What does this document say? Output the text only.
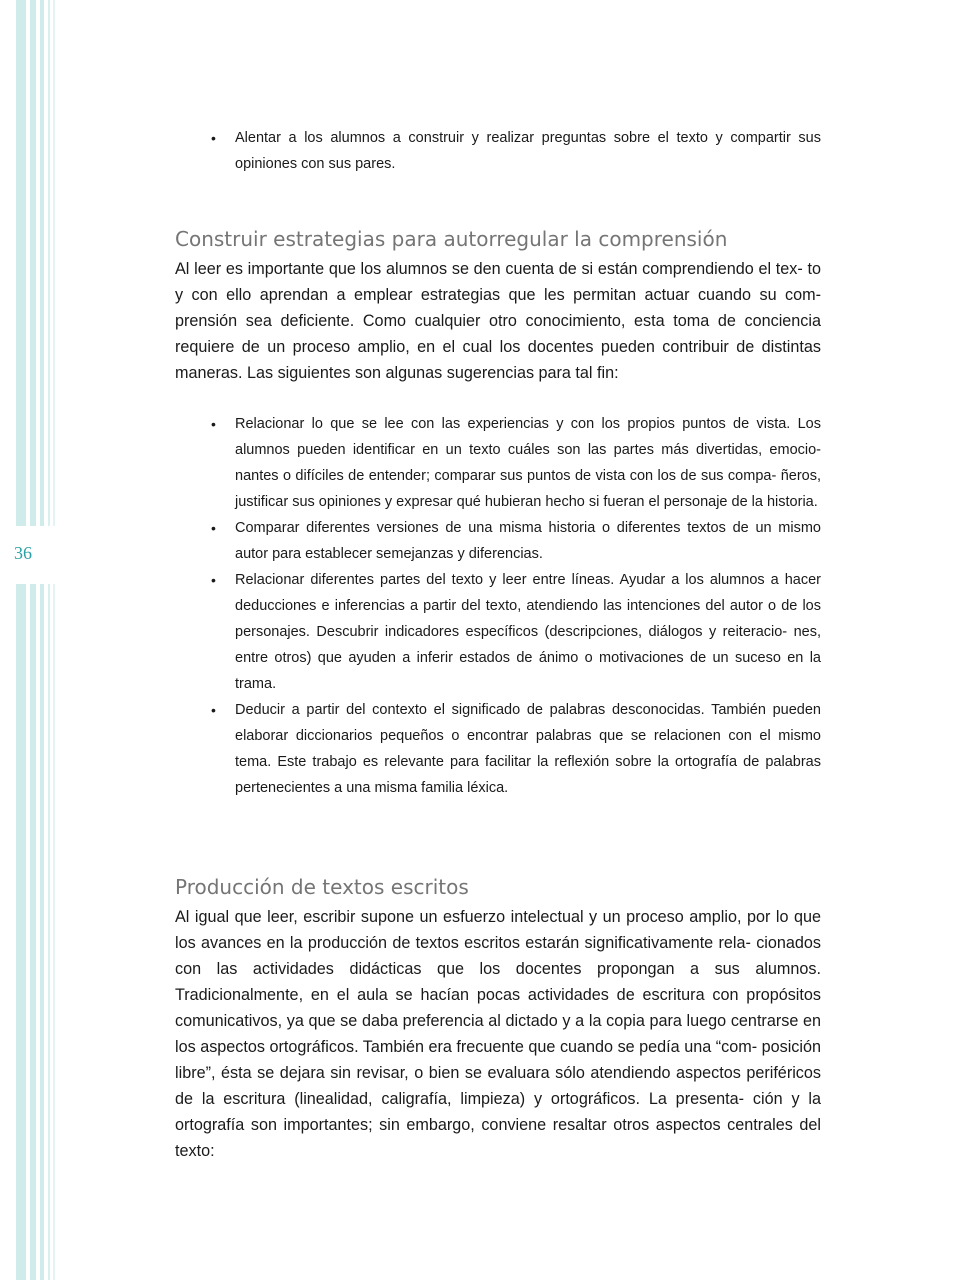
36
• Alentar a los alumnos a construir y realizar preguntas sobre el texto y compartir sus opiniones con sus pares.
Construir estrategias para autorregular la comprensión

Al leer es importante que los alumnos se den cuenta de si están comprendiendo el tex- to y con ello aprendan a emplear estrategias que les permitan actuar cuando su com- prensión sea deficiente. Como cualquier otro conocimiento, esta toma de conciencia requiere de un proceso amplio, en el cual los docentes pueden contribuir de distintas maneras. Las siguientes son algunas sugerencias para tal fin:

• Relacionar lo que se lee con las experiencias y con los propios puntos de vista. Los alumnos pueden identificar en un texto cuáles son las partes más divertidas, emocio- nantes o difíciles de entender; comparar sus puntos de vista con los de sus compa- ñeros, justificar sus opiniones y expresar qué hubieran hecho si fueran el personaje de la historia.
• Comparar diferentes versiones de una misma historia o diferentes textos de un mismo autor para establecer semejanzas y diferencias.
• Relacionar diferentes partes del texto y leer entre líneas. Ayudar a los alumnos a hacer deducciones e inferencias a partir del texto, atendiendo las intenciones del autor o de los personajes. Descubrir indicadores específicos (descripciones, diálogos y reiteracio- nes, entre otros) que ayuden a inferir estados de ánimo o motivaciones de un suceso en la trama.
• Deducir a partir del contexto el significado de palabras desconocidas. También pueden elaborar diccionarios pequeños o encontrar palabras que se relacionen con el mismo tema. Este trabajo es relevante para facilitar la reflexión sobre la ortografía de palabras pertenecientes a una misma familia léxica.
Producción de textos escritos

Al igual que leer, escribir supone un esfuerzo intelectual y un proceso amplio, por lo que los avances en la producción de textos escritos estarán significativamente rela- cionados con las actividades didácticas que los docentes propongan a sus alumnos. Tradicionalmente, en el aula se hacían pocas actividades de escritura con propósitos comunicativos, ya que se daba preferencia al dictado y a la copia para luego centrarse en los aspectos ortográficos. También era frecuente que cuando se pedía una “com- posición libre”, ésta se dejara sin revisar, o bien se evaluara sólo atendiendo aspectos periféricos de la escritura (linealidad, caligrafía, limpieza) y ortográficos. La presenta- ción y la ortografía son importantes; sin embargo, conviene resaltar otros aspectos centrales del texto:
